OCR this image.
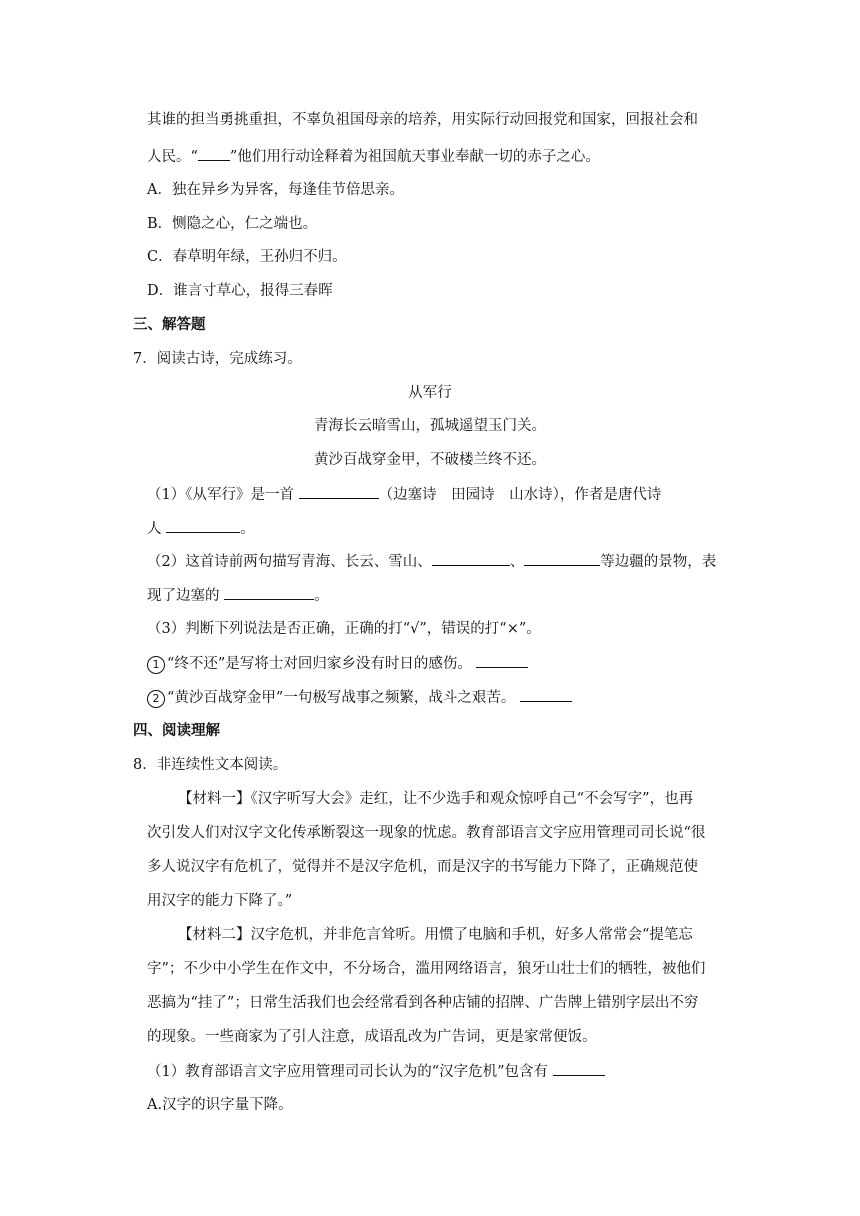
其谁的担当勇挑重担，不辜负祖国母亲的培养，用实际行动回报党和国家，回报社会和
人民。“ ”他们用行动诠释着为祖国航天事业奉献一切的赤子之心。
A．独在异乡为异客，每逢佳节倍思亲。
B．恻隐之心，仁之端也。
C．春草明年绿，王孙归不归。
D．谁言寸草心，报得三春晖
三、解答题
7．阅读古诗，完成练习。
从军行
青海长云暗雪山，孤城遥望玉门关。
黄沙百战穿金甲，不破楼兰终不还。
（1）《从军行》是一首	（边塞诗　田园诗　山水诗），作者是唐代诗
人	。
（2）这首诗前两句描写青海、长云、雪山、	、	等边疆的景物，表
现了边塞的	。
（3）判断下列说法是否正确，正确的打“√”，错误的打“×”。
1 “终不还”是写将士对回归家乡没有时日的感伤。
2 “黄沙百战穿金甲”一句极写战事之频繁，战斗之艰苦。
四、阅读理解
8．非连续性文本阅读。
【材料一】《汉字听写大会》走红，让不少选手和观众惊呼自己“不会写字”，也再
次引发人们对汉字文化传承断裂这一现象的忧虑。教育部语言文字应用管理司司长说“很
多人说汉字有危机了，觉得并不是汉字危机，而是汉字的书写能力下降了，正确规范使
用汉字的能力下降了。”
【材料二】汉字危机，并非危言耸听。用惯了电脑和手机，好多人常常会“提笔忘
字”；不少中小学生在作文中，不分场合，滥用网络语言，狼牙山壮士们的牺牲，被他们
恶搞为“挂了”；日常生活我们也会经常看到各种店铺的招牌、广告牌上错别字层出不穷
的现象。一些商家为了引人注意，成语乱改为广告词，更是家常便饭。
（1）教育部语言文字应用管理司司长认为的“汉字危机”包含有
A.汉字的识字量下降。
